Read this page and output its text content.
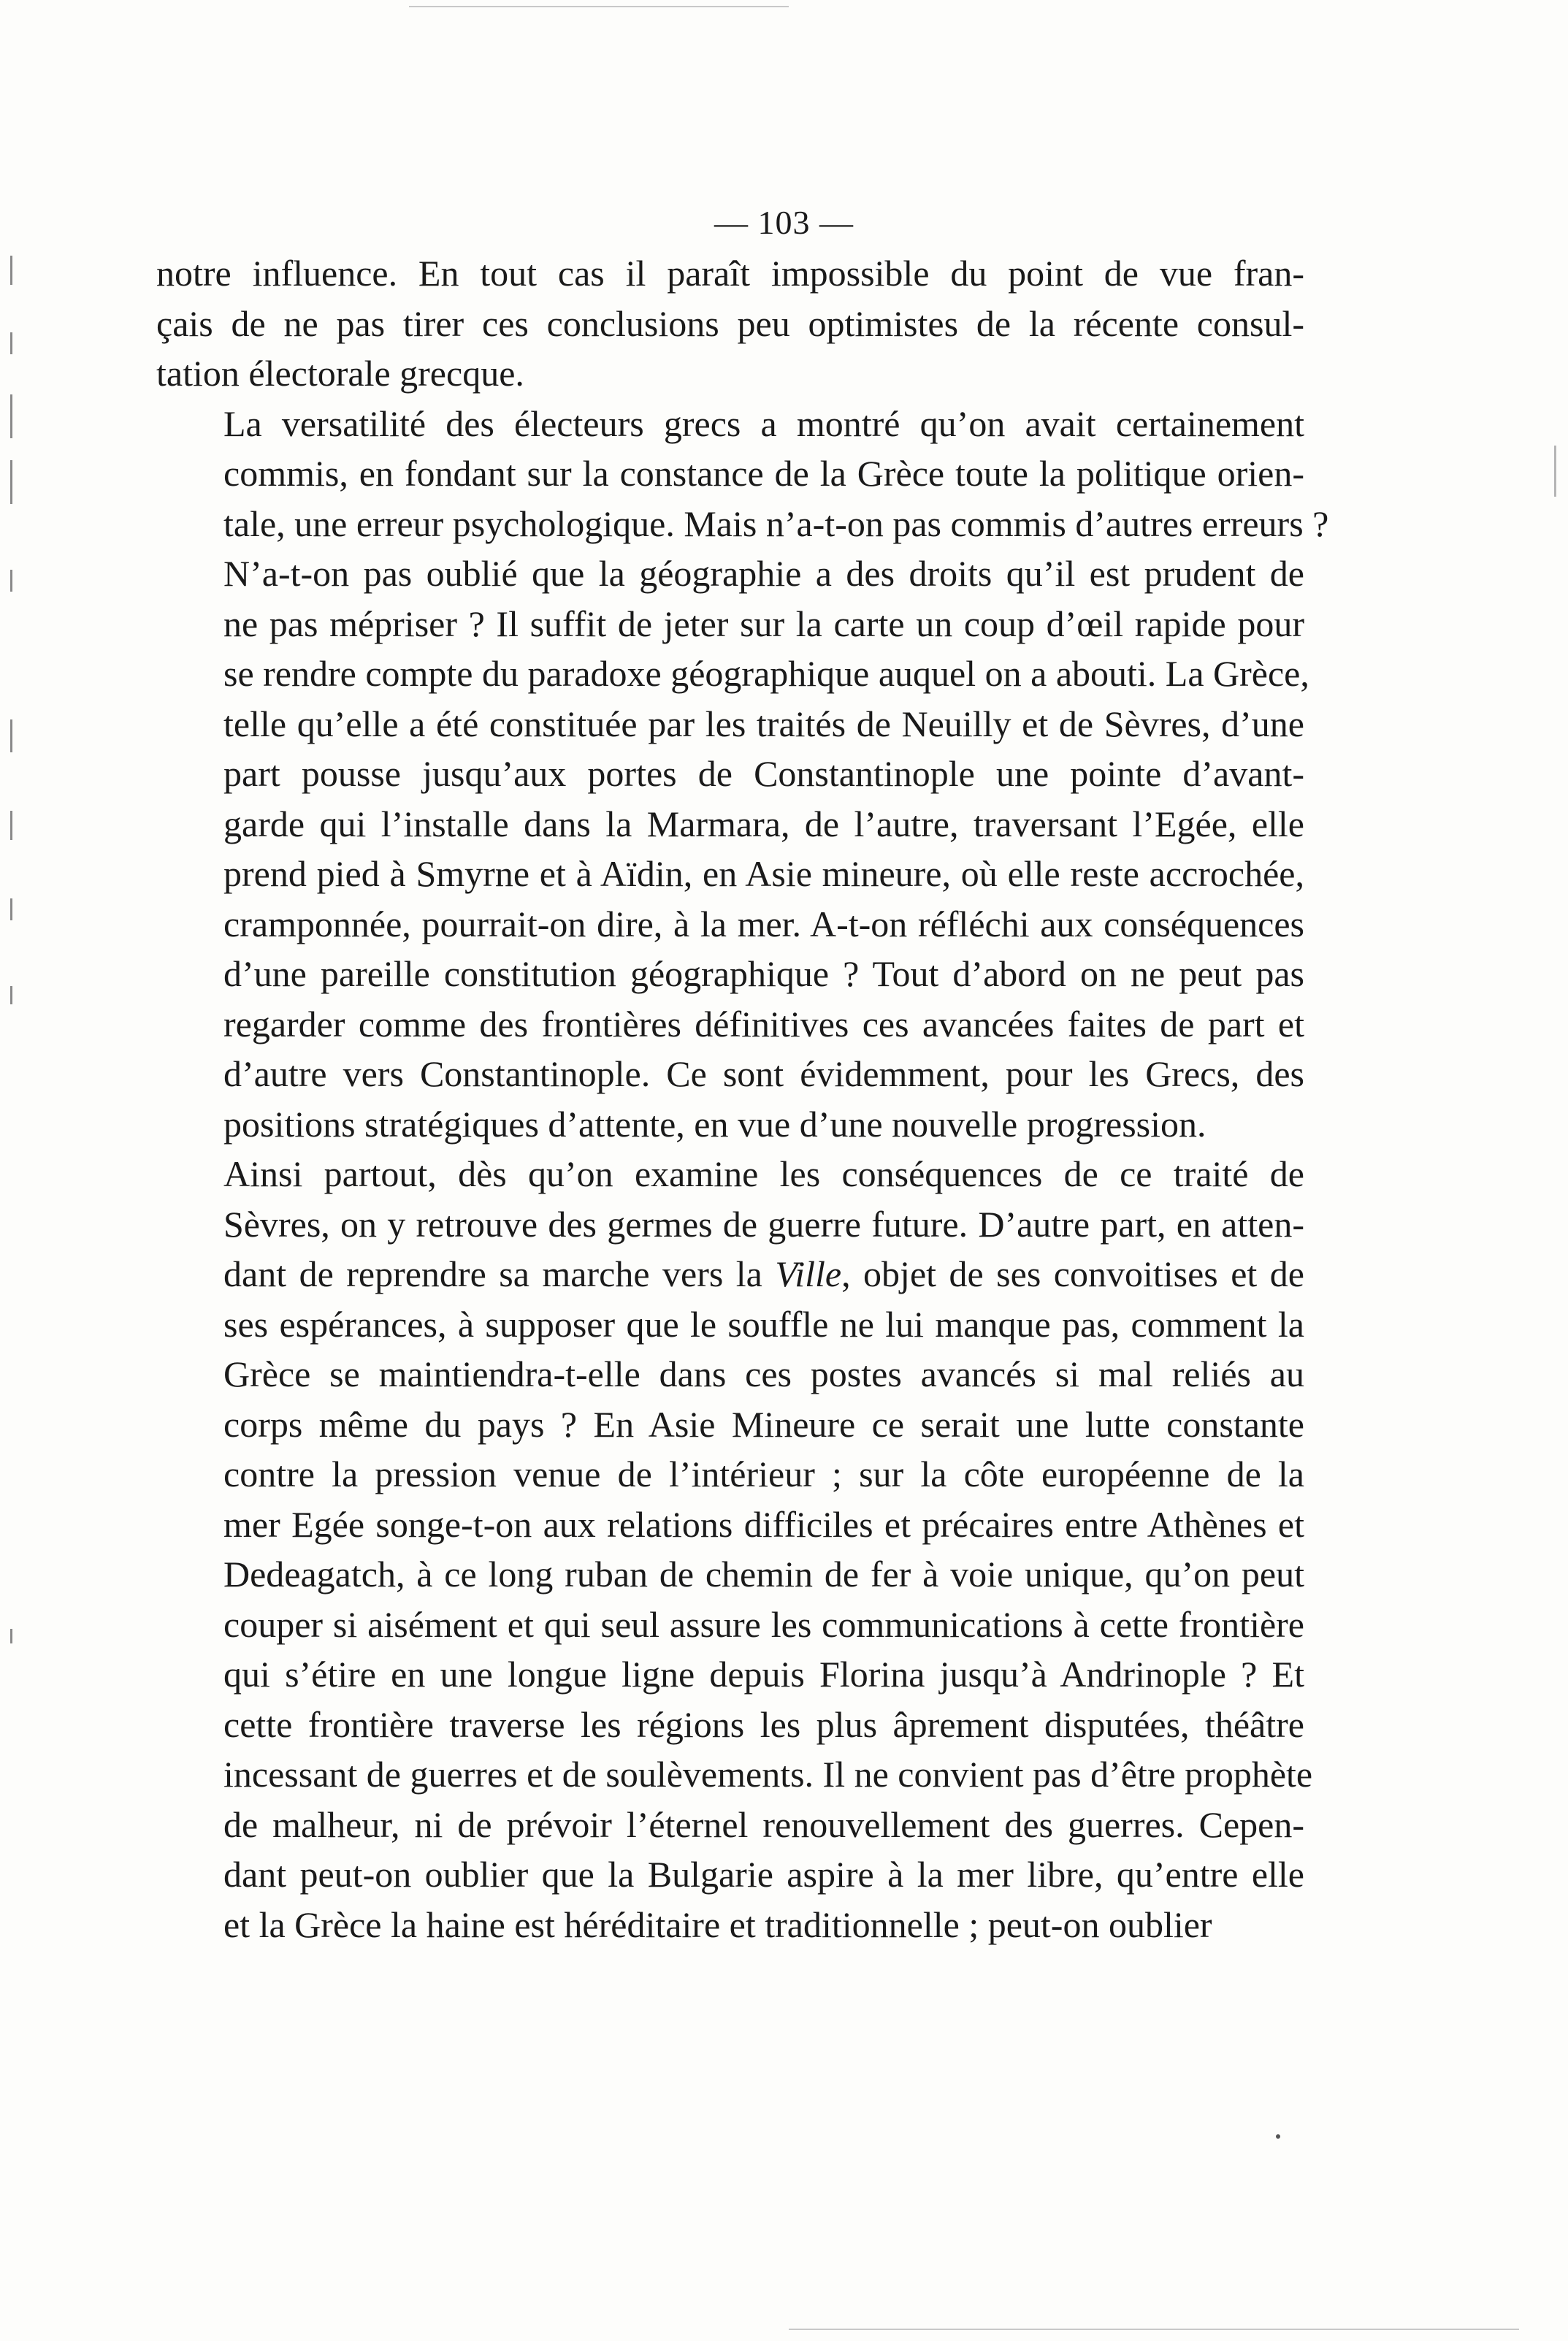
— 103 —

notre influence. En tout cas il paraît impossible du point de vue fran-
çais de ne pas tirer ces conclusions peu optimistes de la récente consul-
tation électorale grecque.

La versatilité des électeurs grecs a montré qu’on avait certainement
commis, en fondant sur la constance de la Grèce toute la politique orien-
tale, une erreur psychologique. Mais n’a-t-on pas commis d’autres erreurs ?
N’a-t-on pas oublié que la géographie a des droits qu’il est prudent de
ne pas mépriser ? Il suffit de jeter sur la carte un coup d’œil rapide pour
se rendre compte du paradoxe géographique auquel on a abouti. La Grèce,
telle qu’elle a été constituée par les traités de Neuilly et de Sèvres, d’une
part pousse jusqu’aux portes de Constantinople une pointe d’avant-
garde qui l’installe dans la Marmara, de l’autre, traversant l’Egée, elle
prend pied à Smyrne et à Aïdin, en Asie mineure, où elle reste accrochée,
cramponnée, pourrait-on dire, à la mer. A-t-on réfléchi aux conséquences
d’une pareille constitution géographique ? Tout d’abord on ne peut pas
regarder comme des frontières définitives ces avancées faites de part et
d’autre vers Constantinople. Ce sont évidemment, pour les Grecs, des
positions stratégiques d’attente, en vue d’une nouvelle progression.

Ainsi partout, dès qu’on examine les conséquences de ce traité de
Sèvres, on y retrouve des germes de guerre future. D’autre part, en atten-
dant de reprendre sa marche vers la Ville, objet de ses convoitises et de
ses espérances, à supposer que le souffle ne lui manque pas, comment la
Grèce se maintiendra-t-elle dans ces postes avancés si mal reliés au
corps même du pays ? En Asie Mineure ce serait une lutte constante
contre la pression venue de l’intérieur ; sur la côte européenne de la
mer Egée songe-t-on aux relations difficiles et précaires entre Athènes et
Dedeagatch, à ce long ruban de chemin de fer à voie unique, qu’on peut
couper si aisément et qui seul assure les communications à cette frontière
qui s’étire en une longue ligne depuis Florina jusqu’à Andrinople ? Et
cette frontière traverse les régions les plus âprement disputées, théâtre
incessant de guerres et de soulèvements. Il ne convient pas d’être prophète
de malheur, ni de prévoir l’éternel renouvellement des guerres. Cepen-
dant peut-on oublier que la Bulgarie aspire à la mer libre, qu’entre elle
et la Grèce la haine est héréditaire et traditionnelle ; peut-on oublier
